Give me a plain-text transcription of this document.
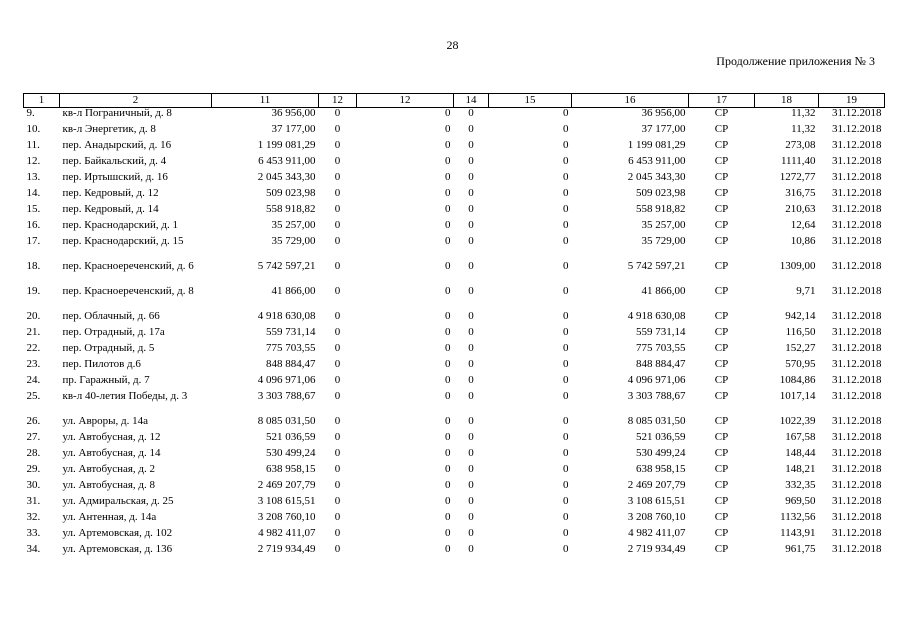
28
Продолжение приложения № 3
1	2	11	12	12	14	15	16	17	18	19
9.	кв-л Пограничный, д. 8	36 956,00	0	0	0	0	36 956,00	СР	11,32	31.12.2018
10.	кв-л Энергетик, д. 8	37 177,00	0	0	0	0	37 177,00	СР	11,32	31.12.2018
11.	пер. Анадырский, д. 16	1 199 081,29	0	0	0	0	1 199 081,29	СР	273,08	31.12.2018
12.	пер. Байкальский, д. 4	6 453 911,00	0	0	0	0	6 453 911,00	СР	1111,40	31.12.2018
13.	пер. Иртышский, д. 16	2 045 343,30	0	0	0	0	2 045 343,30	СР	1272,77	31.12.2018
14.	пер. Кедровый, д. 12	509 023,98	0	0	0	0	509 023,98	СР	316,75	31.12.2018
15.	пер. Кедровый, д. 14	558 918,82	0	0	0	0	558 918,82	СР	210,63	31.12.2018
16.	пер. Краснодарский, д. 1	35 257,00	0	0	0	0	35 257,00	СР	12,64	31.12.2018
17.	пер. Краснодарский, д. 15	35 729,00	0	0	0	0	35 729,00	СР	10,86	31.12.2018
18.	пер. Красноереченский, д. 6	5 742 597,21	0	0	0	0	5 742 597,21	СР	1309,00	31.12.2018
19.	пер. Красноереченский, д. 8	41 866,00	0	0	0	0	41 866,00	СР	9,71	31.12.2018
20.	пер. Облачный, д. 66	4 918 630,08	0	0	0	0	4 918 630,08	СР	942,14	31.12.2018
21.	пер. Отрадный, д. 17а	559 731,14	0	0	0	0	559 731,14	СР	116,50	31.12.2018
22.	пер. Отрадный, д. 5	775 703,55	0	0	0	0	775 703,55	СР	152,27	31.12.2018
23.	пер. Пилотов д.6	848 884,47	0	0	0	0	848 884,47	СР	570,95	31.12.2018
24.	пр. Гаражный, д. 7	4 096 971,06	0	0	0	0	4 096 971,06	СР	1084,86	31.12.2018
25.	кв-л 40-летия Победы, д. 3	3 303 788,67	0	0	0	0	3 303 788,67	СР	1017,14	31.12.2018
26.	ул. Авроры, д. 14а	8 085 031,50	0	0	0	0	8 085 031,50	СР	1022,39	31.12.2018
27.	ул. Автобусная, д. 12	521 036,59	0	0	0	0	521 036,59	СР	167,58	31.12.2018
28.	ул. Автобусная, д. 14	530 499,24	0	0	0	0	530 499,24	СР	148,44	31.12.2018
29.	ул. Автобусная, д. 2	638 958,15	0	0	0	0	638 958,15	СР	148,21	31.12.2018
30.	ул. Автобусная, д. 8	2 469 207,79	0	0	0	0	2 469 207,79	СР	332,35	31.12.2018
31.	ул. Адмиральская, д. 25	3 108 615,51	0	0	0	0	3 108 615,51	СР	969,50	31.12.2018
32.	ул. Антенная, д. 14а	3 208 760,10	0	0	0	0	3 208 760,10	СР	1132,56	31.12.2018
33.	ул. Артемовская, д. 102	4 982 411,07	0	0	0	0	4 982 411,07	СР	1143,91	31.12.2018
34.	ул. Артемовская, д. 136	2 719 934,49	0	0	0	0	2 719 934,49	СР	961,75	31.12.2018
